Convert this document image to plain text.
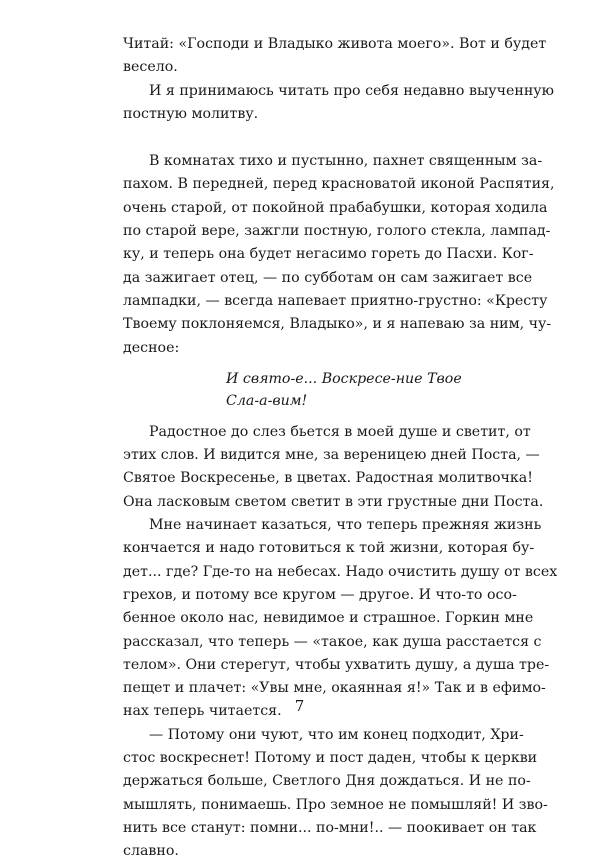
Читай: «Господи и Владыко живота моего». Вот и будет
весело.
И я принимаюсь читать про себя недавно выученную
постную молитву.
В комнатах тихо и пустынно, пахнет священным за-
пахом. В передней, перед красноватой иконой Распятия,
очень старой, от покойной прабабушки, которая ходила
по старой вере, зажгли постную, голого стекла, лампад-
ку, и теперь она будет негасимо гореть до Пасхи. Ког-
да зажигает отец, — по субботам он сам зажигает все
лампадки, — всегда напевает приятно-грустно: «Кресту
Твоему поклоняемся, Владыко», и я напеваю за ним, чу-
десное:
И свято-е... Воскресе-ние Твое
Сла-а-вим!
Радостное до слез бьется в моей душе и светит, от
этих слов. И видится мне, за вереницею дней Поста, —
Святое Воскресенье, в цветах. Радостная молитвочка!
Она ласковым светом светит в эти грустные дни Поста.
Мне начинает казаться, что теперь прежняя жизнь
кончается и надо готовиться к той жизни, которая бу-
дет... где? Где-то на небесах. Надо очистить душу от всех
грехов, и потому все кругом — другое. И что-то осо-
бенное около нас, невидимое и страшное. Горкин мне
рассказал, что теперь — «такое, как душа расстается с
телом». Они стерегут, чтобы ухватить душу, а душа тре-
пещет и плачет: «Увы мне, окаянная я!» Так и в ефимо-
нах теперь читается.
— Потому они чуют, что им конец подходит, Хри-
стос воскреснет! Потому и пост даден, чтобы к церкви
держаться больше, Светлого Дня дождаться. И не по-
мышлять, понимаешь. Про земное не помышляй! И зво-
нить все станут: помни... по-мни!.. — поокивает он так
славно.
7
